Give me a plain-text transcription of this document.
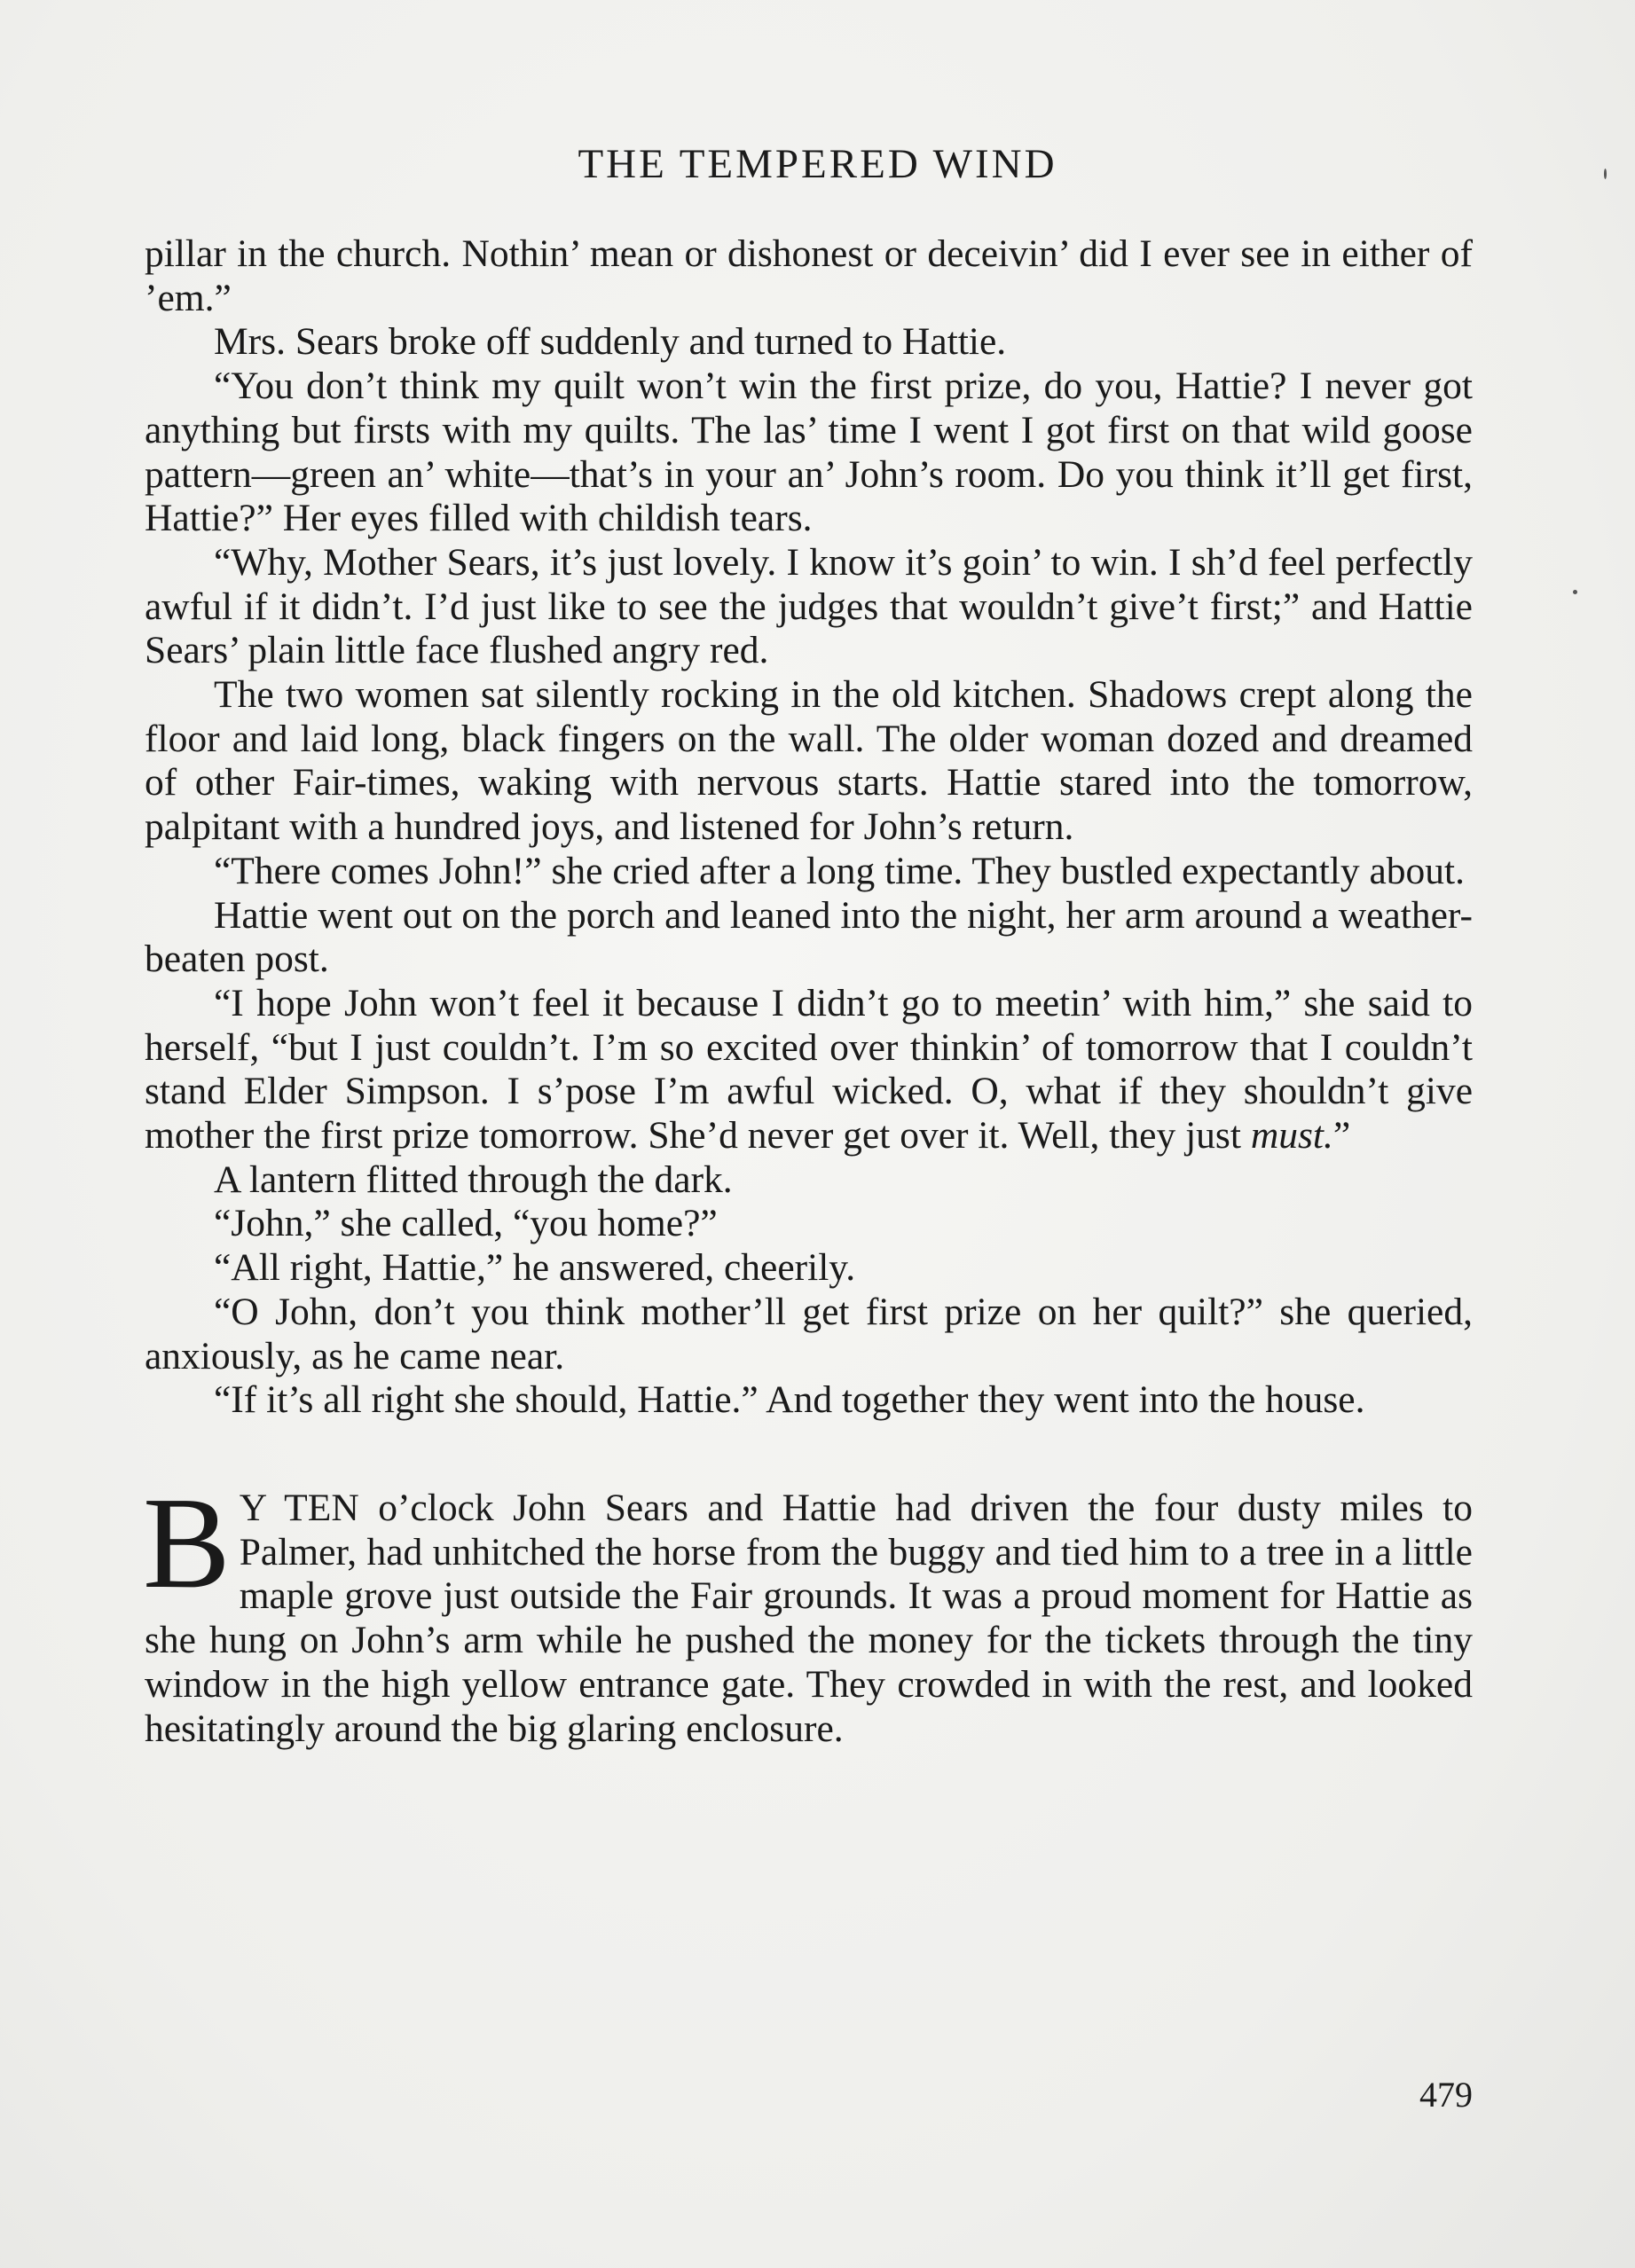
THE TEMPERED WIND

pillar in the church. Nothin’ mean or dishonest or deceivin’ did I ever see in either of ’em.”

Mrs. Sears broke off suddenly and turned to Hattie.

“You don’t think my quilt won’t win the first prize, do you, Hattie? I never got anything but firsts with my quilts. The las’ time I went I got first on that wild goose pattern—green an’ white—that’s in your an’ John’s room. Do you think it’ll get first, Hattie?” Her eyes filled with childish tears.

“Why, Mother Sears, it’s just lovely. I know it’s goin’ to win. I sh’d feel perfectly awful if it didn’t. I’d just like to see the judges that wouldn’t give’t first;” and Hattie Sears’ plain little face flushed angry red.

The two women sat silently rocking in the old kitchen. Shadows crept along the floor and laid long, black fingers on the wall. The older woman dozed and dreamed of other Fair-times, waking with nervous starts. Hattie stared into the tomorrow, palpitant with a hundred joys, and listened for John’s return.

“There comes John!” she cried after a long time. They bustled expectantly about.

Hattie went out on the porch and leaned into the night, her arm around a weather-beaten post.

“I hope John won’t feel it because I didn’t go to meetin’ with him,” she said to herself, “but I just couldn’t. I’m so excited over thinkin’ of tomorrow that I couldn’t stand Elder Simpson. I s’pose I’m awful wicked. O, what if they shouldn’t give mother the first prize tomorrow. She’d never get over it. Well, they just must.”

A lantern flitted through the dark.

“John,” she called, “you home?”

“All right, Hattie,” he answered, cheerily.

“O John, don’t you think mother’ll get first prize on her quilt?” she queried, anxiously, as he came near.

“If it’s all right she should, Hattie.” And together they went into the house.

B Y TEN o’clock John Sears and Hattie had driven the four dusty miles to Palmer, had unhitched the horse from the buggy and tied him to a tree in a little maple grove just outside the Fair grounds. It was a proud moment for Hattie as she hung on John’s arm while he pushed the money for the tickets through the tiny window in the high yellow entrance gate. They crowded in with the rest, and looked hesitatingly around the big glaring enclosure.

479
